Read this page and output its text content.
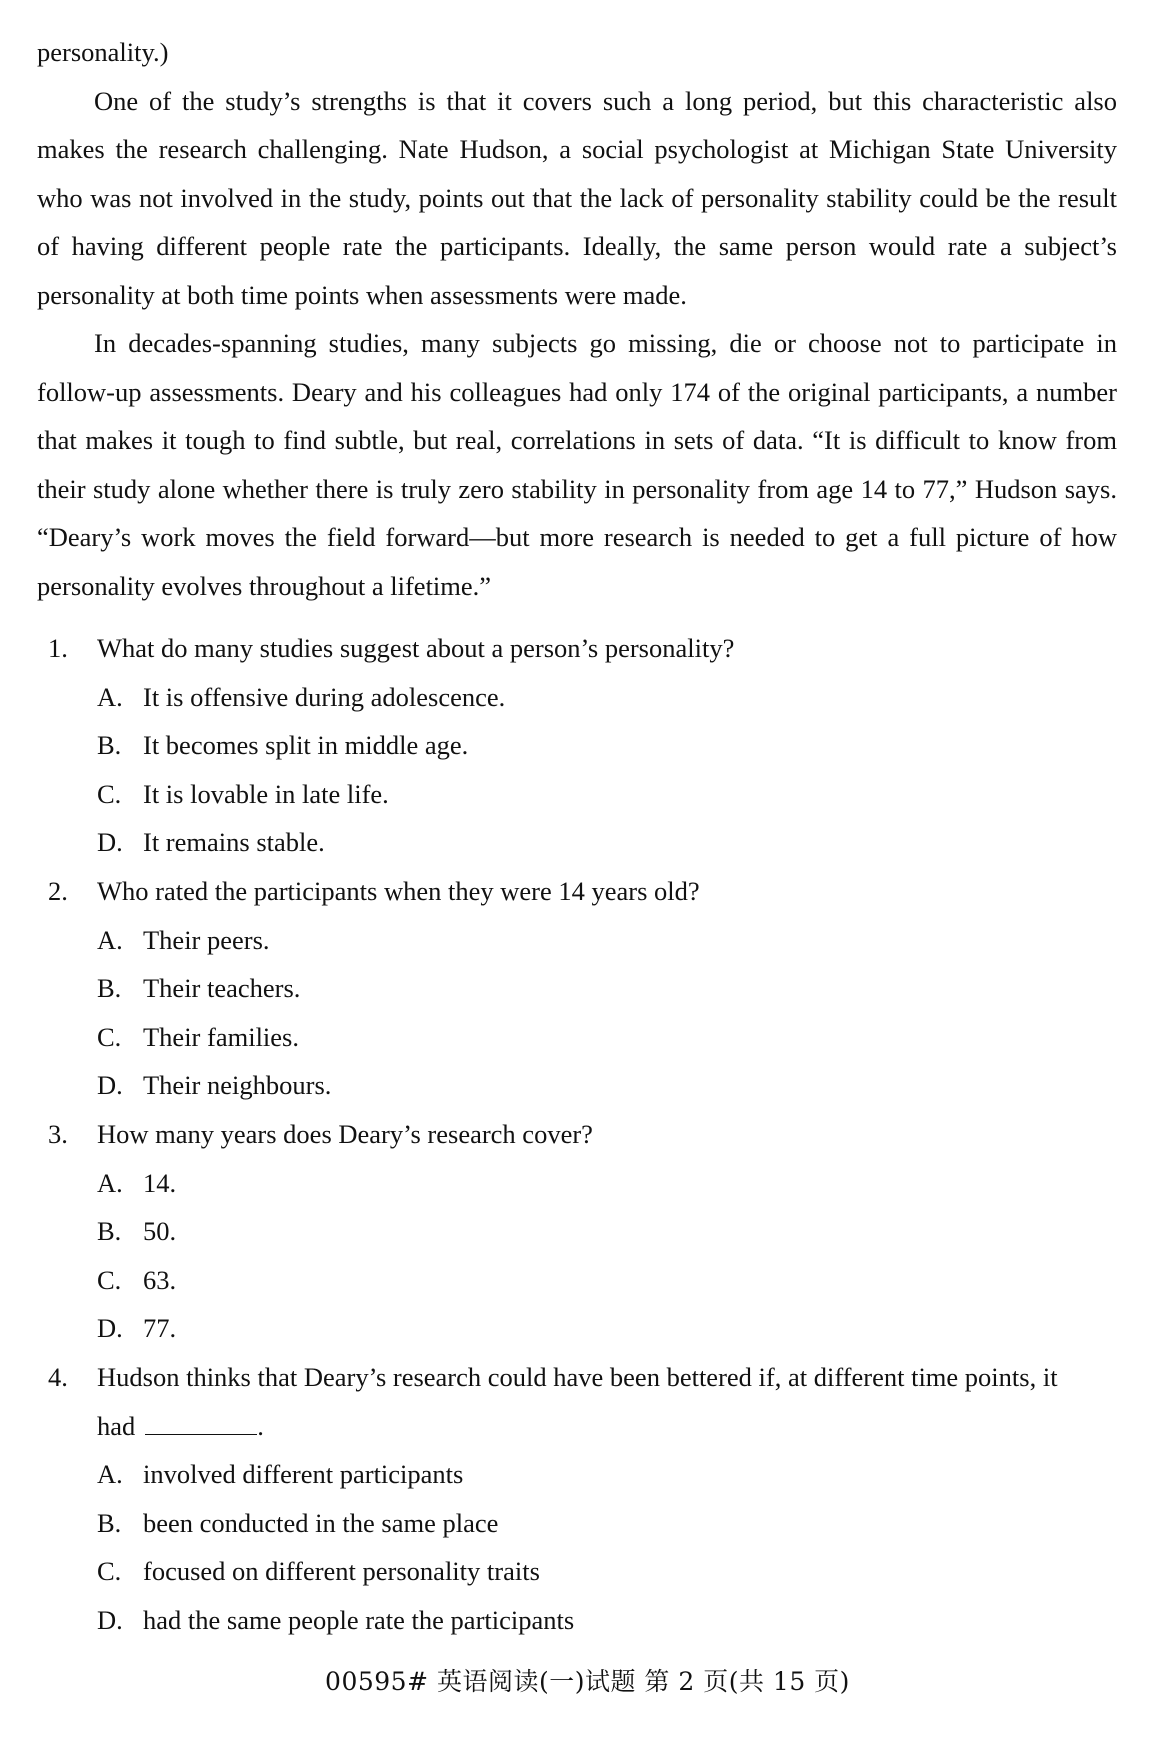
personality.)

One of the study’s strengths is that it covers such a long period, but this characteristic also makes the research challenging. Nate Hudson, a social psychologist at Michigan State University who was not involved in the study, points out that the lack of personality stability could be the result of having different people rate the participants. Ideally, the same person would rate a subject’s personality at both time points when assessments were made.

In decades-spanning studies, many subjects go missing, die or choose not to participate in follow-up assessments. Deary and his colleagues had only 174 of the original participants, a number that makes it tough to find subtle, but real, correlations in sets of data. “It is difficult to know from their study alone whether there is truly zero stability in personality from age 14 to 77,” Hudson says. “Deary’s work moves the field forward—but more research is needed to get a full picture of how personality evolves throughout a lifetime.”

1.	What do many studies suggest about a person’s personality?
A. It is offensive during adolescence.
B. It becomes split in middle age.
C. It is lovable in late life.
D. It remains stable.
2.	Who rated the participants when they were 14 years old?
A. Their peers.
B. Their teachers.
C. Their families.
D. Their neighbours.
3.	How many years does Deary’s research cover?
A. 14.
B. 50.
C. 63.
D. 77.
4.	Hudson thinks that Deary’s research could have been bettered if, at different time points, it
had	.
A. involved different participants
B. been conducted in the same place
C. focused on different personality traits
D. had the same people rate the participants
00595# 英语阅读(一)试题 第 2 页(共 15 页)
